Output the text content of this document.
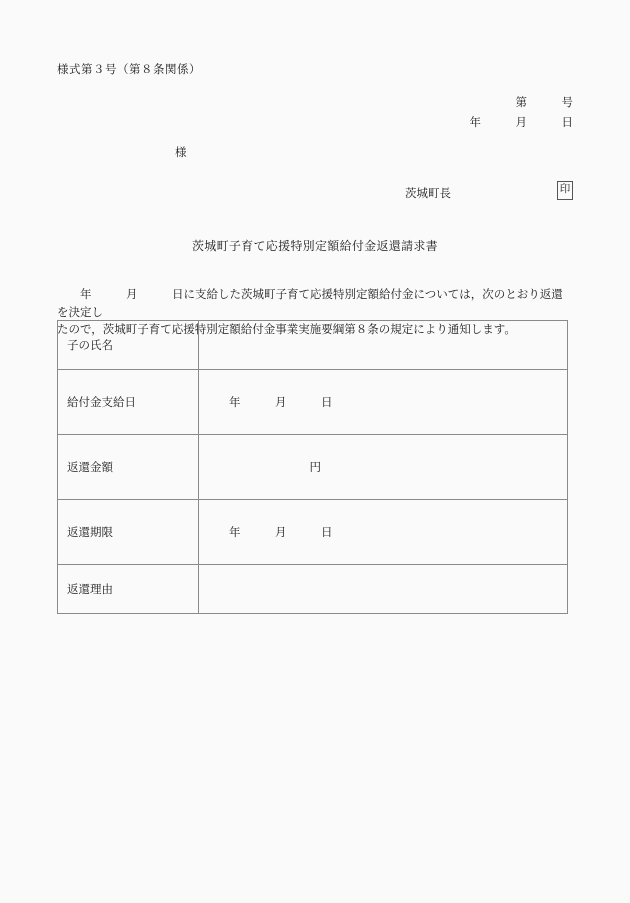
様式第３号（第８条関係）
第　　　号
年　　　月　　　日
様
茨城町長	印
茨城町子育て応援特別定額給付金返還請求書
　　年　　　月　　　日に支給した茨城町子育て応援特別定額給付金については，次のとおり返還を決定し
たので，茨城町子育て応援特別定額給付金事業実施要綱第８条の規定により通知します。
子の氏名	

給付金支給日	年　　　月　　　日

返還金額	　　　　　　　円

返還期限	年　　　月　　　日

返還理由	
